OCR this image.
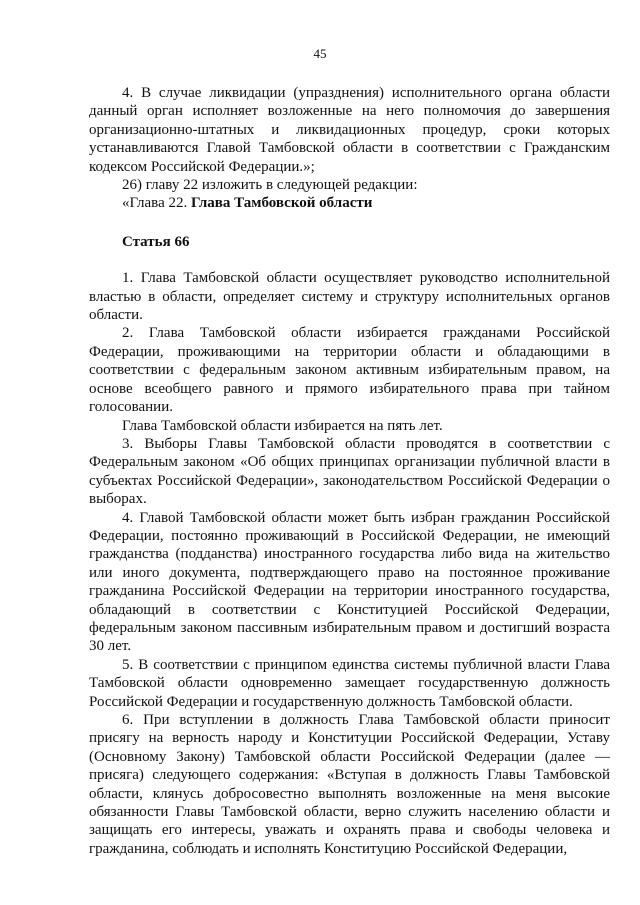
45

4. В случае ликвидации (упразднения) исполнительного органа области данный орган исполняет возложенные на него полномочия до завершения организационно-штатных и ликвидационных процедур, сроки которых устанавливаются Главой Тамбовской области в соответствии с Гражданским кодексом Российской Федерации.»;

26) главу 22 изложить в следующей редакции:

«Глава 22. Глава Тамбовской области

Статья 66

1. Глава Тамбовской области осуществляет руководство исполнительной властью в области, определяет систему и структуру исполнительных органов области.

2. Глава Тамбовской области избирается гражданами Российской Федерации, проживающими на территории области и обладающими в соответствии с федеральным законом активным избирательным правом, на основе всеобщего равного и прямого избирательного права при тайном голосовании.

Глава Тамбовской области избирается на пять лет.

3. Выборы Главы Тамбовской области проводятся в соответствии с Федеральным законом «Об общих принципах организации публичной власти в субъектах Российской Федерации», законодательством Российской Федерации о выборах.

4. Главой Тамбовской области может быть избран гражданин Российской Федерации, постоянно проживающий в Российской Федерации, не имеющий гражданства (подданства) иностранного государства либо вида на жительство или иного документа, подтверждающего право на постоянное проживание гражданина Российской Федерации на территории иностранного государства, обладающий в соответствии с Конституцией Российской Федерации, федеральным законом пассивным избирательным правом и достигший возраста 30 лет.

5. В соответствии с принципом единства системы публичной власти Глава Тамбовской области одновременно замещает государственную должность Российской Федерации и государственную должность Тамбовской области.

6. При вступлении в должность Глава Тамбовской области приносит присягу на верность народу и Конституции Российской Федерации, Уставу (Основному Закону) Тамбовской области Российской Федерации (далее — присяга) следующего содержания: «Вступая в должность Главы Тамбовской области, клянусь добросовестно выполнять возложенные на меня высокие обязанности Главы Тамбовской области, верно служить населению области и защищать его интересы, уважать и охранять права и свободы человека и гражданина, соблюдать и исполнять Конституцию Российской Федерации,
